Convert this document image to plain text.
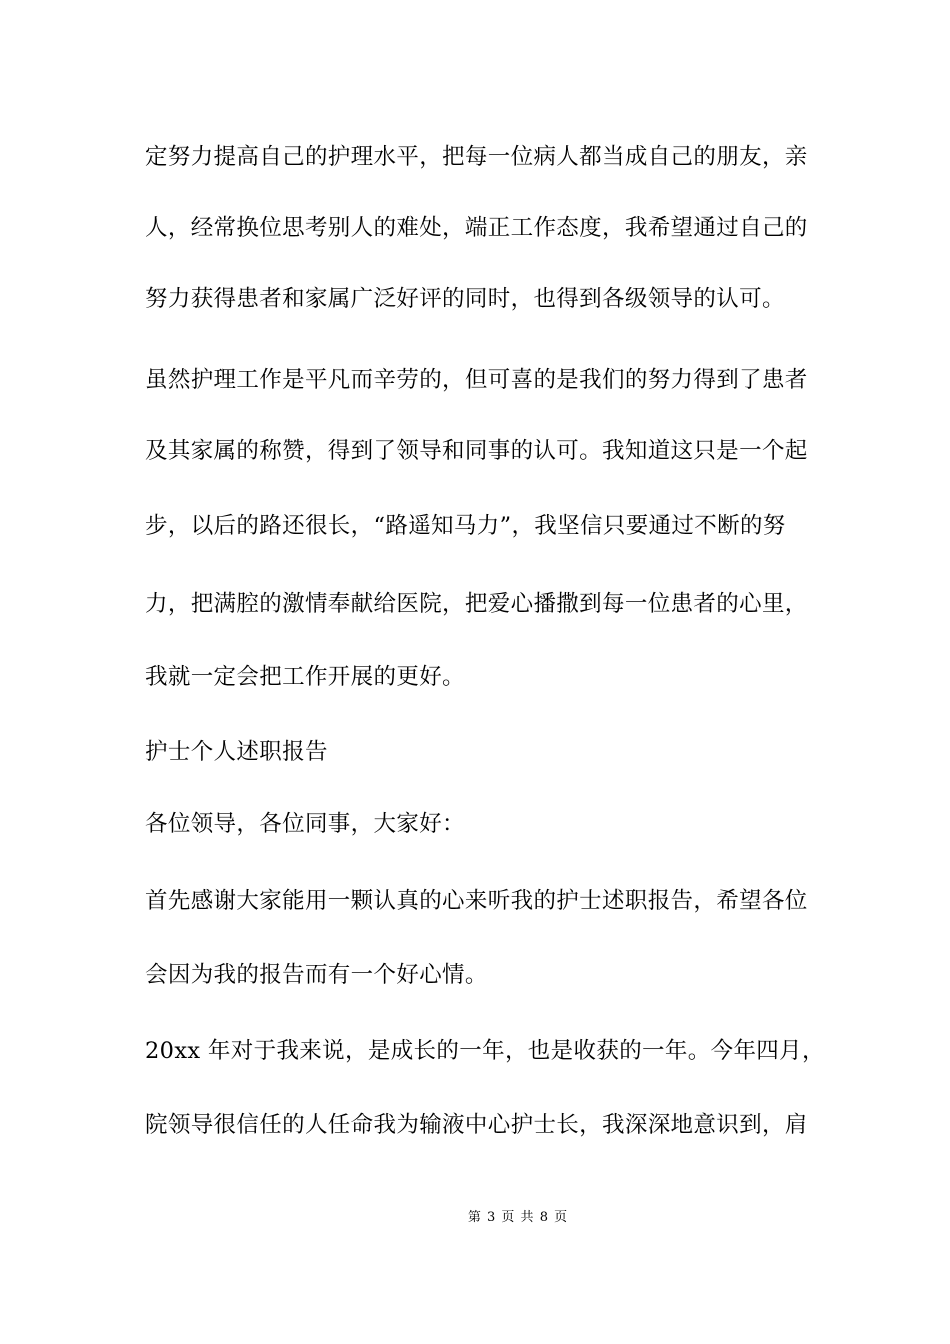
定努力提高自己的护理水平，把每一位病人都当成自己的朋友，亲
人，经常换位思考别人的难处，端正工作态度，我希望通过自己的
努力获得患者和家属广泛好评的同时，也得到各级领导的认可。
虽然护理工作是平凡而辛劳的，但可喜的是我们的努力得到了患者
及其家属的称赞，得到了领导和同事的认可。我知道这只是一个起
步，以后的路还很长，“路遥知马力”，我坚信只要通过不断的努
力，把满腔的激情奉献给医院，把爱心播撒到每一位患者的心里，
我就一定会把工作开展的更好。
护士个人述职报告
各位领导，各位同事，大家好：
首先感谢大家能用一颗认真的心来听我的护士述职报告，希望各位
会因为我的报告而有一个好心情。
20xx 年对于我来说，是成长的一年，也是收获的一年。今年四月，
院领导很信任的人任命我为输液中心护士长，我深深地意识到，肩
第 3 页 共 8 页
